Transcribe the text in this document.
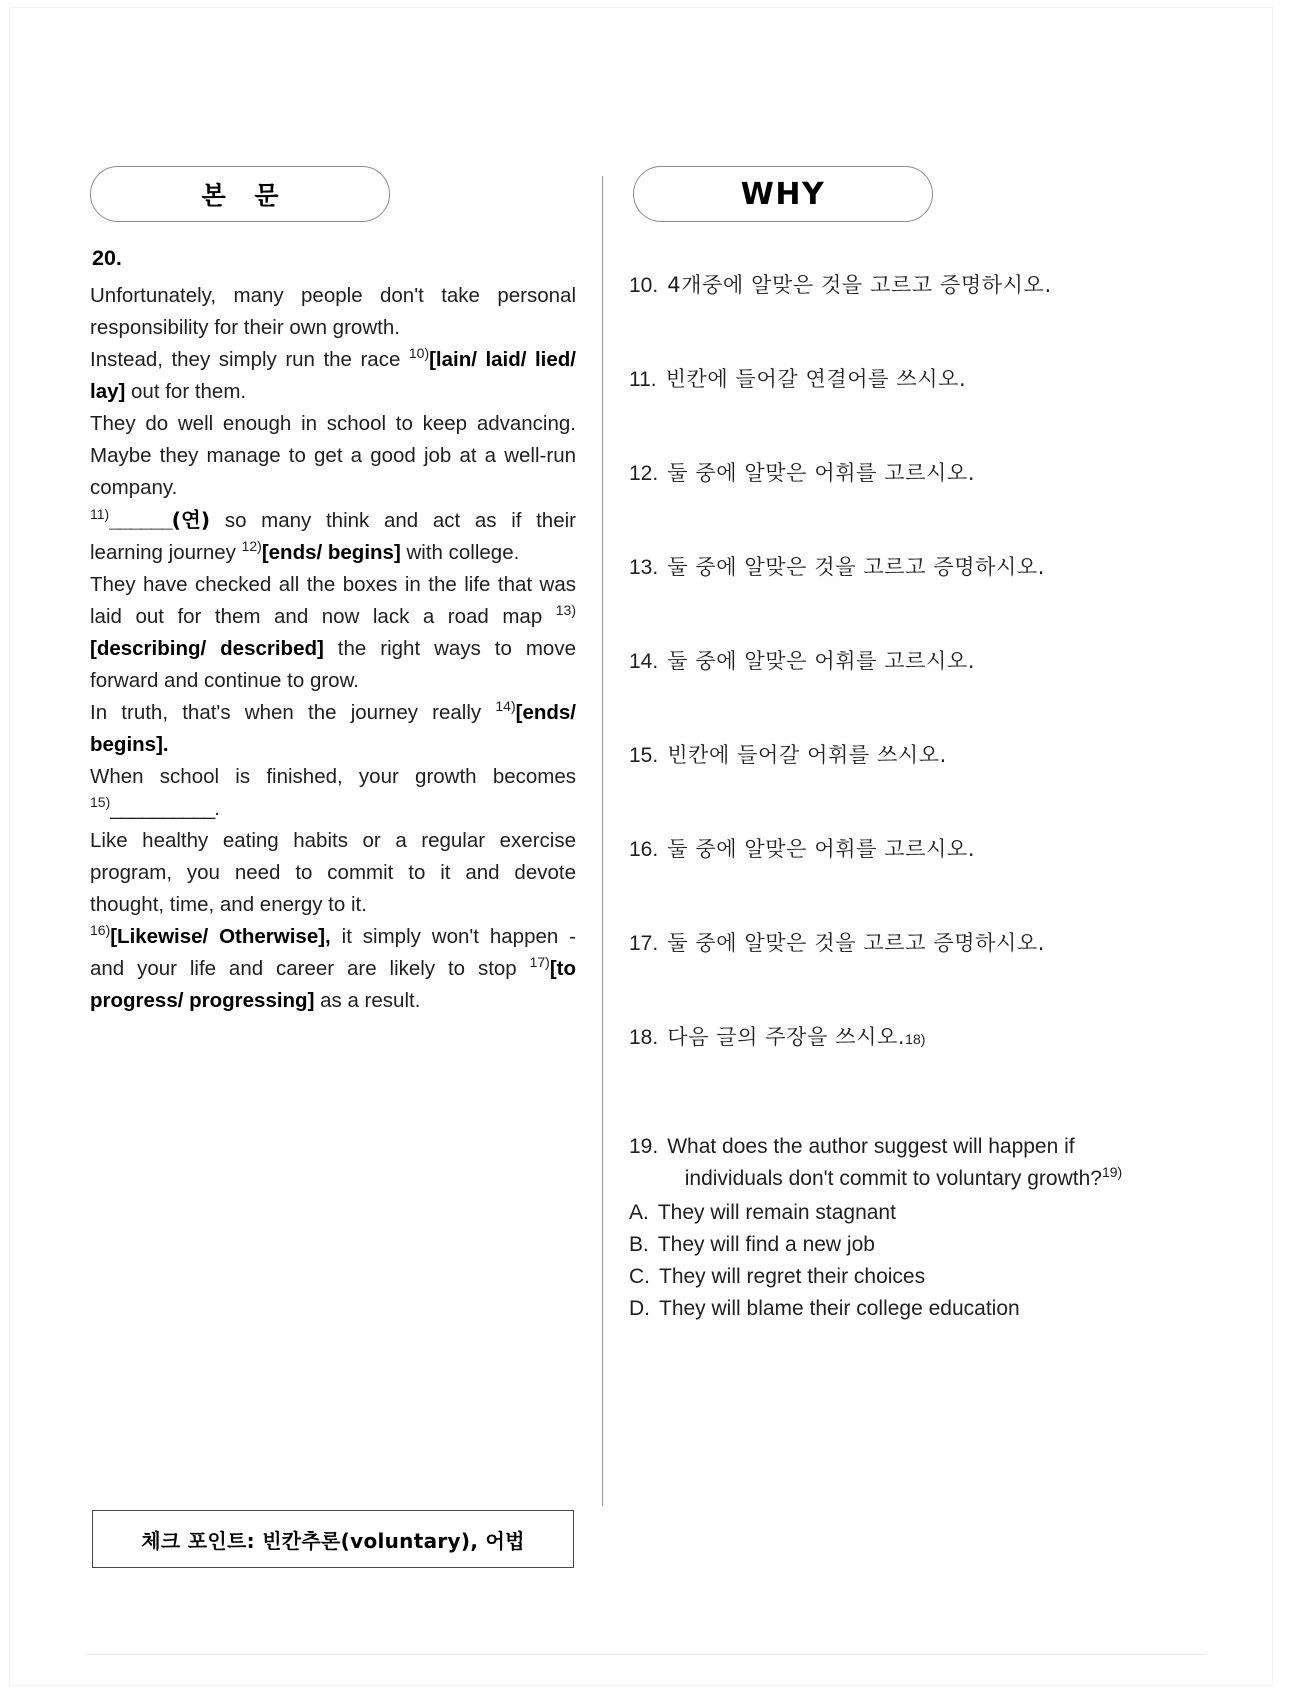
본 문
20.

Unfortunately, many people don't take personal responsibility for their own growth.

Instead, they simply run the race $^{10)}$[lain/ laid/ lied/ lay] out for them.

They do well enough in school to keep advancing. Maybe they manage to get a good job at a well-run company.

$^{11)}$______(연) so many think and act as if their learning journey $^{12)}$[ends/ begins] with college.

They have checked all the boxes in the life that was laid out for them and now lack a road map $^{13)}$[describing/ described] the right ways to move forward and continue to grow.

In truth, that's when the journey really $^{14)}$[ends/ begins].

When school is finished, your growth becomes $^{15)}$__________.

Like healthy eating habits or a regular exercise program, you need to commit to it and devote thought, time, and energy to it.

$^{16)}$[Likewise/ Otherwise], it simply won't happen - and your life and career are likely to stop $^{17)}$[to progress/ progressing] as a result.

체크 포인트: 빈칸추론(voluntary), 어법
WHY
10. 4개중에 알맞은 것을 고르고 증명하시오.
11. 빈칸에 들어갈 연결어를 쓰시오.
12. 둘 중에 알맞은 어휘를 고르시오.
13. 둘 중에 알맞은 것을 고르고 증명하시오.
14. 둘 중에 알맞은 어휘를 고르시오.
15. 빈칸에 들어갈 어휘를 쓰시오.
16. 둘 중에 알맞은 어휘를 고르시오.
17. 둘 중에 알맞은 것을 고르고 증명하시오.
18. 다음 글의 주장을 쓰시오. 18)
19. What does the author suggest will happen if
individuals don't commit to voluntary growth?$^{19)}$
A. They will remain stagnant
B. They will find a new job
C. They will regret their choices
D. They will blame their college education
